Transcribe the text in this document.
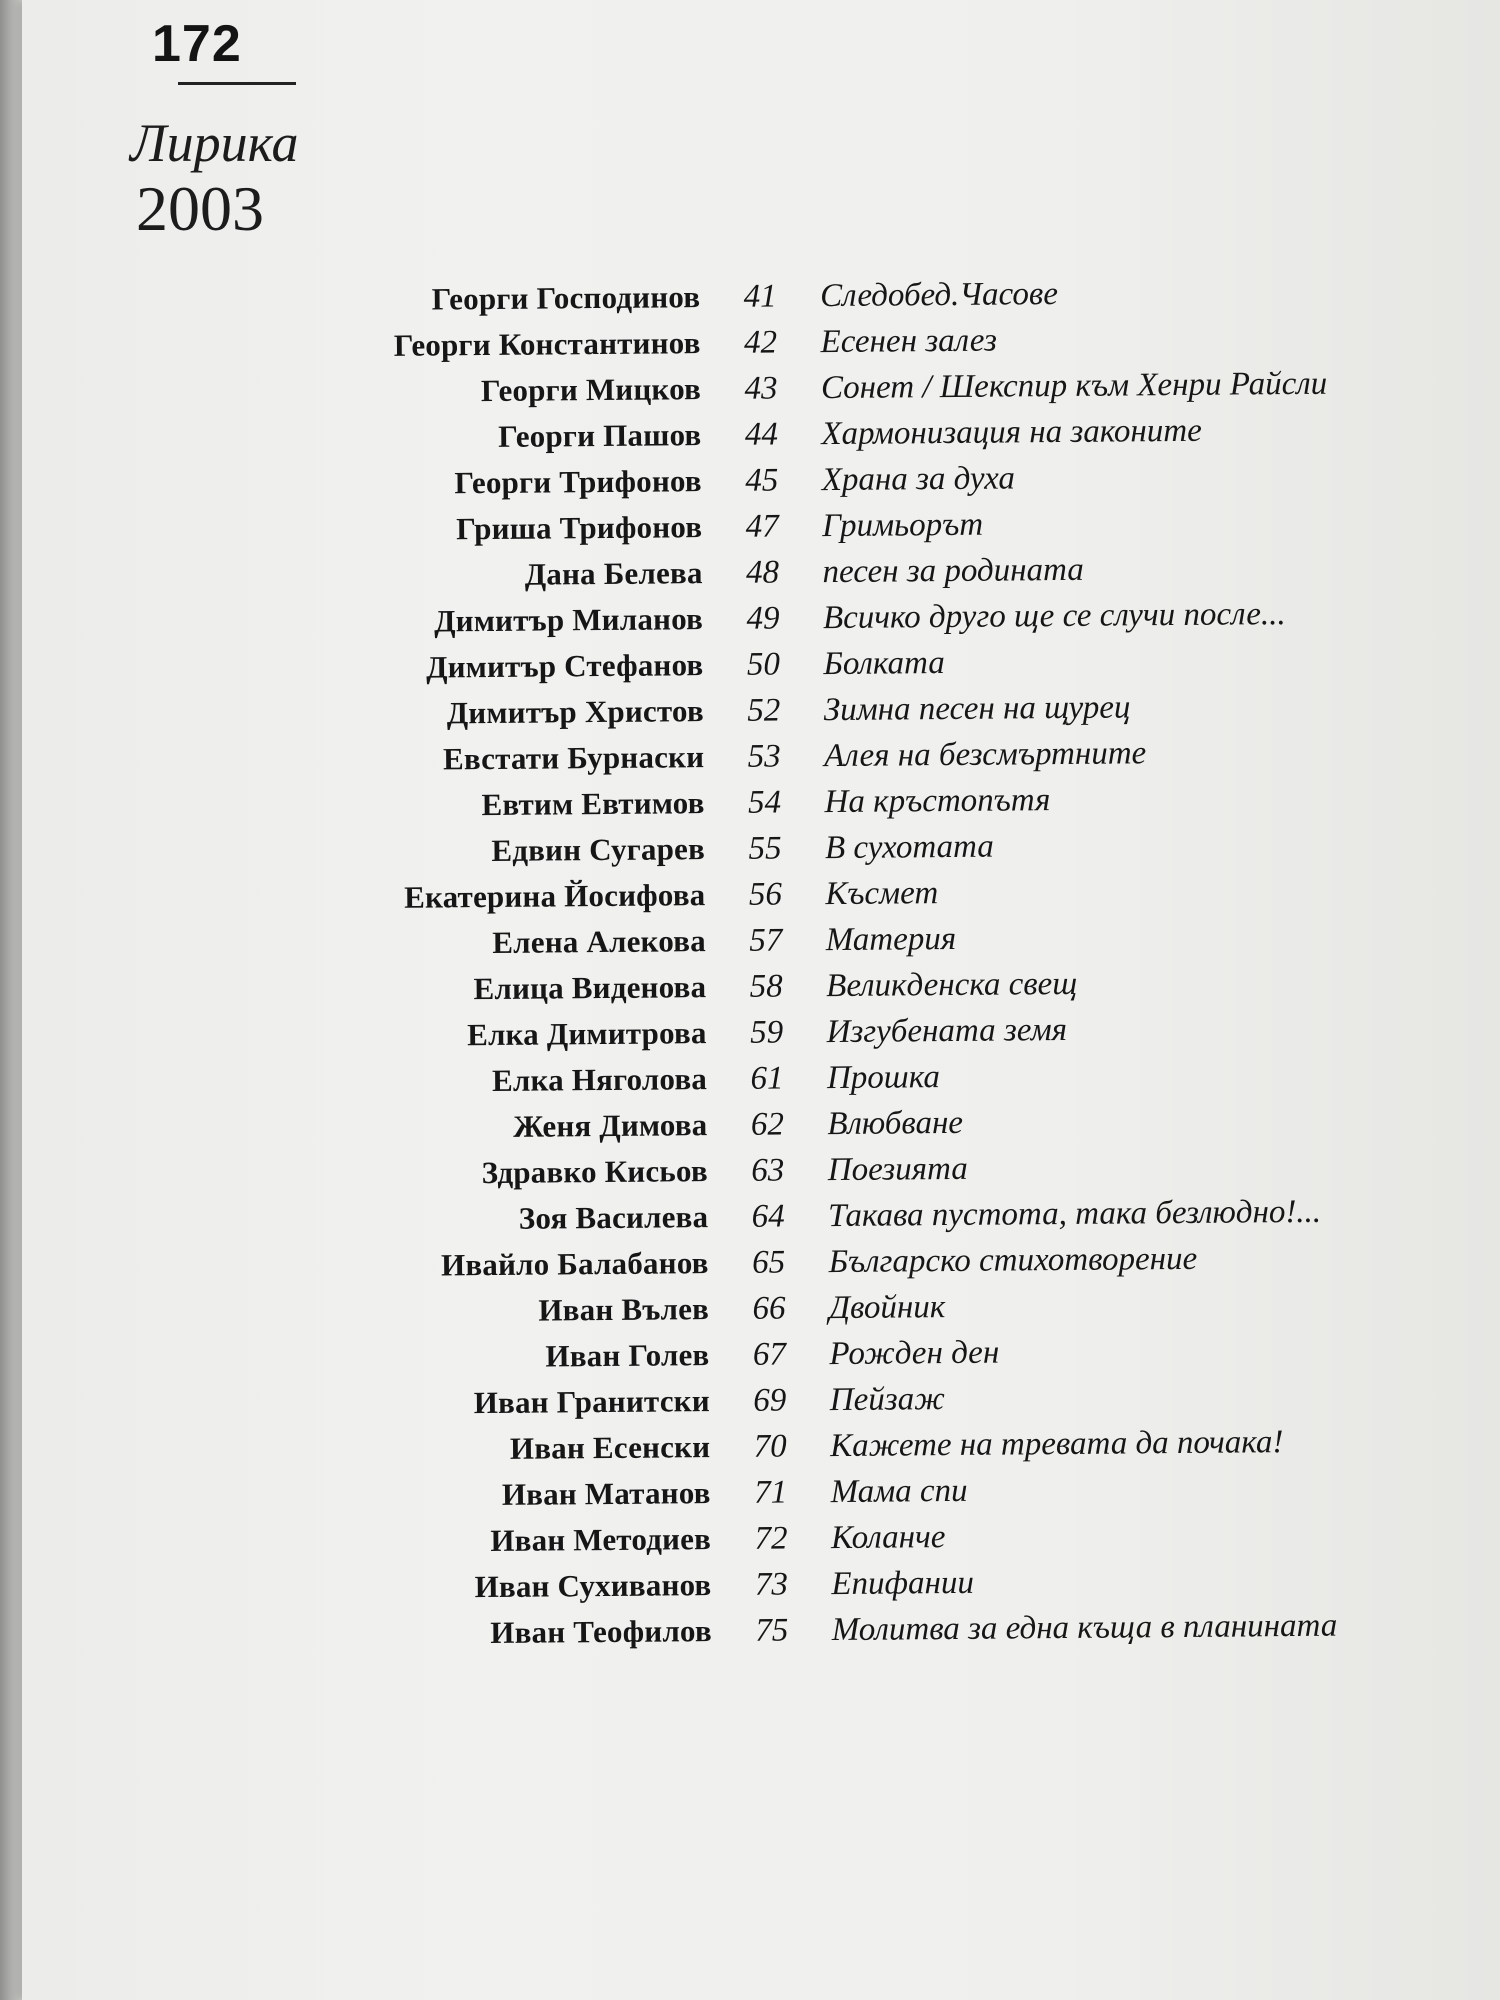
172
Лирика
2003
Георги Господинов	41	Следобед.Часове
Георги Константинов	42	Есенен залез
Георги Мицков	43	Сонет / Шекспир към Хенри Райсли
Георги Пашов	44	Хармонизация на законите
Георги Трифонов	45	Храна за духа
Гриша Трифонов	47	Гримьорът
Дана Белева	48	песен за родината
Димитър Миланов	49	Всичко друго ще се случи после...
Димитър Стефанов	50	Болката
Димитър Христов	52	Зимна песен на щурец
Евстати Бурнаски	53	Алея на безсмъртните
Евтим Евтимов	54	На кръстопътя
Едвин Сугарев	55	В сухотата
Екатерина Йосифова	56	Късмет
Елена Алекова	57	Материя
Елица Виденова	58	Великденска свещ
Елка Димитрова	59	Изгубената земя
Елка Няголова	61	Прошка
Женя Димова	62	Влюбване
Здравко Кисьов	63	Поезията
Зоя Василева	64	Такава пустота, така безлюдно!...
Ивайло Балабанов	65	Българско стихотворение
Иван Вълев	66	Двойник
Иван Голев	67	Рожден ден
Иван Гранитски	69	Пейзаж
Иван Есенски	70	Кажете на тревата да почака!
Иван Матанов	71	Мама спи
Иван Методиев	72	Коланче
Иван Сухиванов	73	Епифании
Иван Теофилов	75	Молитва за една къща в планината
